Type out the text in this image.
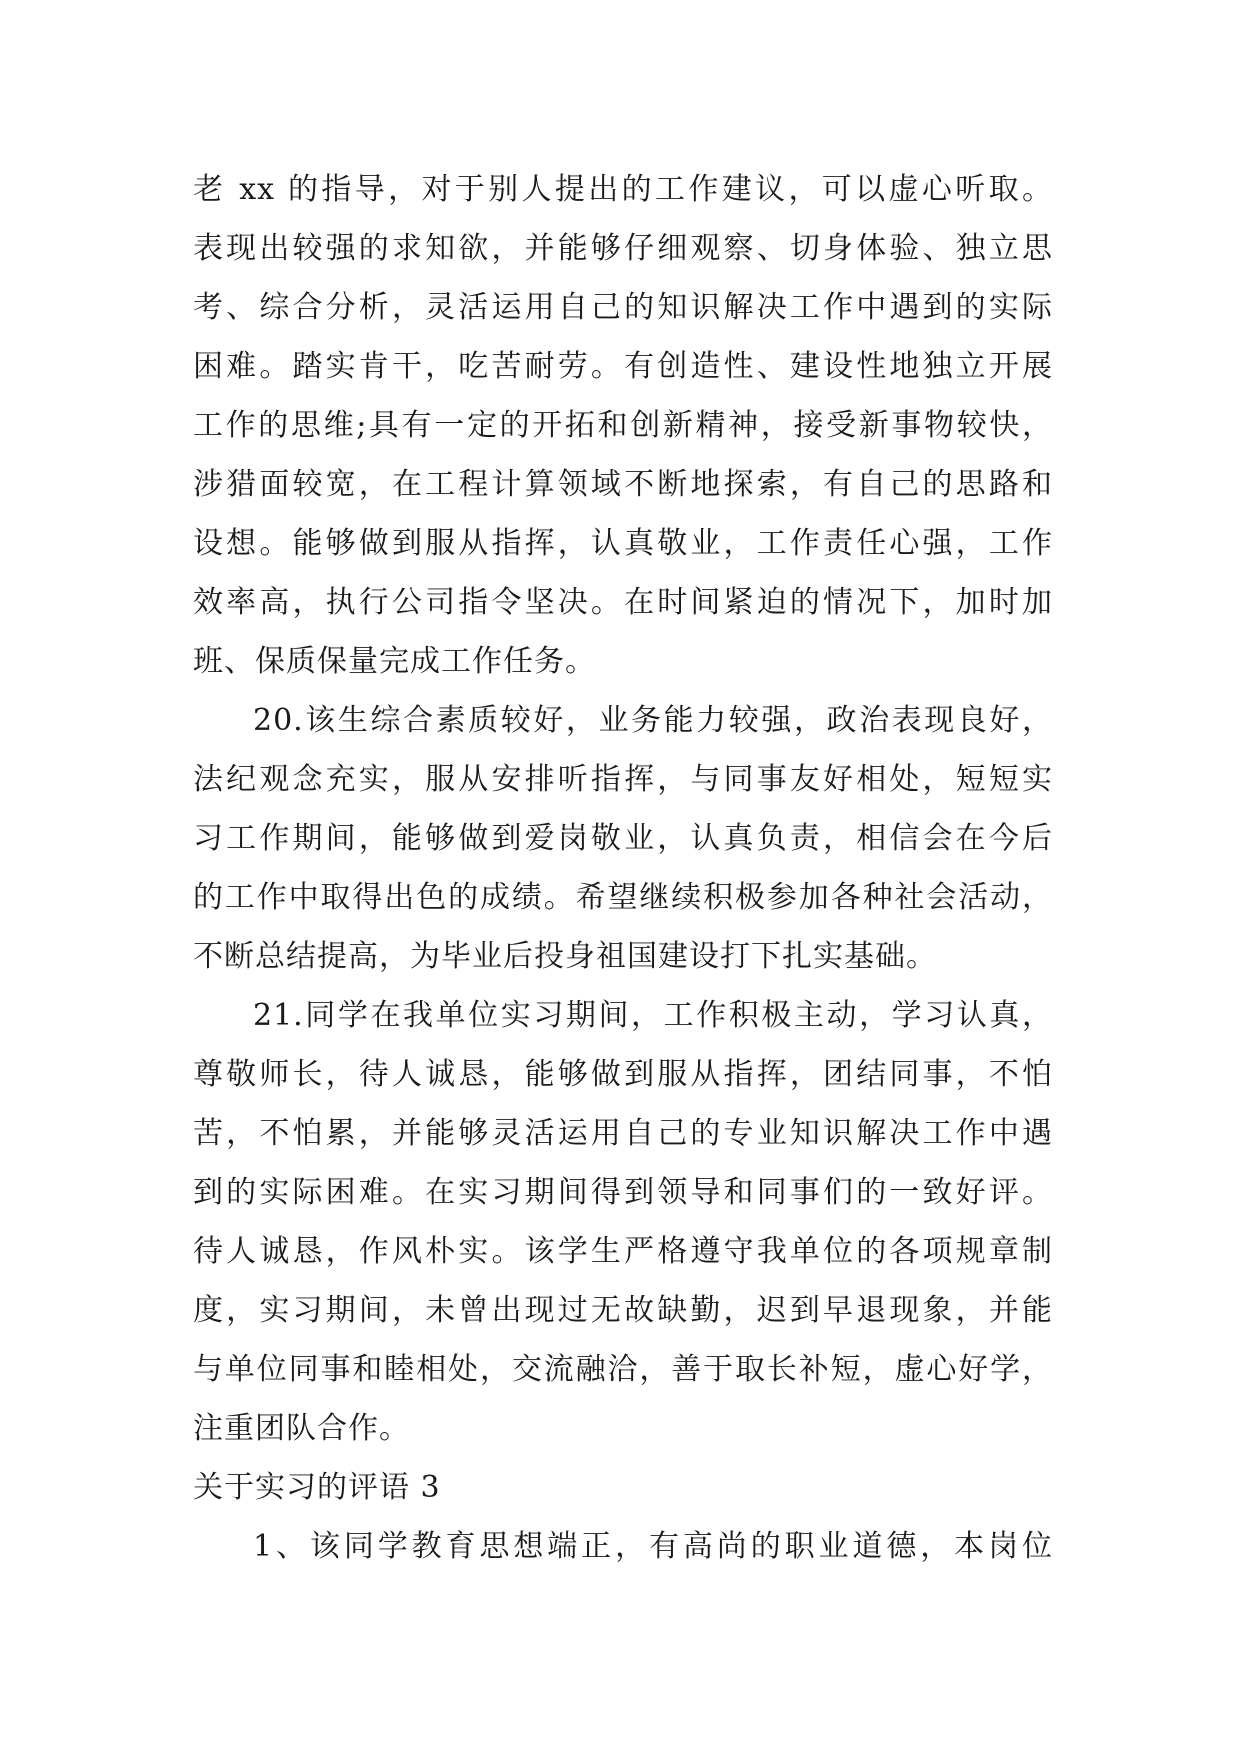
老 xx 的指导，对于别人提出的工作建议，可以虚心听取。
表现出较强的求知欲，并能够仔细观察、切身体验、独立思
考、综合分析，灵活运用自己的知识解决工作中遇到的实际
困难。踏实肯干，吃苦耐劳。有创造性、建设性地独立开展
工作的思维;具有一定的开拓和创新精神，接受新事物较快，
涉猎面较宽，在工程计算领域不断地探索，有自己的思路和
设想。能够做到服从指挥，认真敬业，工作责任心强，工作
效率高，执行公司指令坚决。在时间紧迫的情况下，加时加
班、保质保量完成工作任务。
20.该生综合素质较好，业务能力较强，政治表现良好，
法纪观念充实，服从安排听指挥，与同事友好相处，短短实
习工作期间，能够做到爱岗敬业，认真负责，相信会在今后
的工作中取得出色的成绩。希望继续积极参加各种社会活动，
不断总结提高，为毕业后投身祖国建设打下扎实基础。
21.同学在我单位实习期间，工作积极主动，学习认真，
尊敬师长，待人诚恳，能够做到服从指挥，团结同事，不怕
苦，不怕累，并能够灵活运用自己的专业知识解决工作中遇
到的实际困难。在实习期间得到领导和同事们的一致好评。
待人诚恳，作风朴实。该学生严格遵守我单位的各项规章制
度，实习期间，未曾出现过无故缺勤，迟到早退现象，并能
与单位同事和睦相处，交流融洽，善于取长补短，虚心好学，
注重团队合作。
关于实习的评语 3
1、该同学教育思想端正，有高尚的职业道德，本岗位
